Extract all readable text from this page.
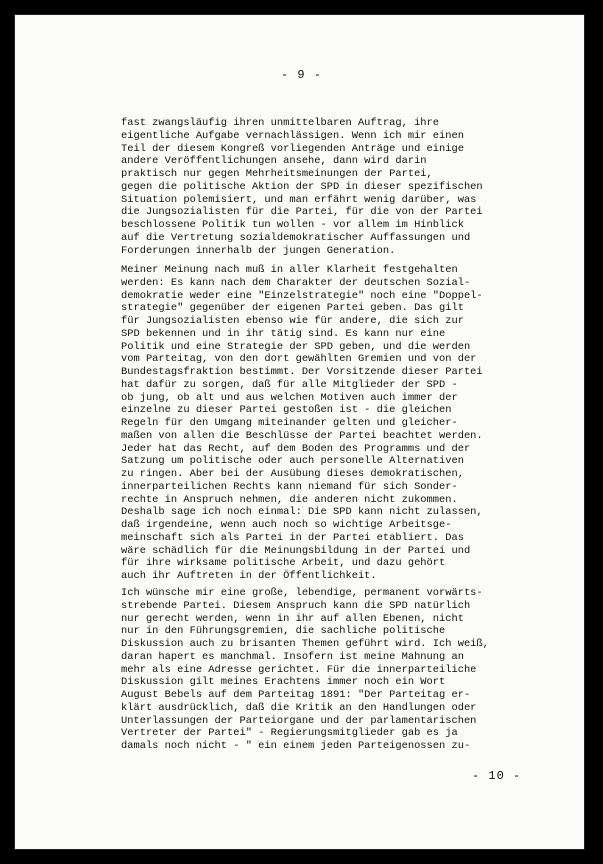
- 9 -
fast zwangsläufig ihren unmittelbaren Auftrag, ihre
eigentliche Aufgabe vernachlässigen. Wenn ich mir einen
Teil der diesem Kongreß vorliegenden Anträge und einige
andere Veröffentlichungen ansehe, dann wird darin
praktisch nur gegen Mehrheitsmeinungen der Partei,
gegen die politische Aktion der SPD in dieser spezifischen
Situation polemisiert, und man erfährt wenig darüber, was
die Jungsozialisten für die Partei, für die von der Partei
beschlossene Politik tun wollen - vor allem im Hinblick
auf die Vertretung sozialdemokratischer Auffassungen und
Forderungen innerhalb der jungen Generation.
Meiner Meinung nach muß in aller Klarheit festgehalten
werden: Es kann nach dem Charakter der deutschen Sozial-
demokratie weder eine "Einzelstrategie" noch eine "Doppel-
strategie" gegenüber der eigenen Partei geben. Das gilt
für Jungsozialisten ebenso wie für andere, die sich zur
SPD bekennen und in ihr tätig sind. Es kann nur eine
Politik und eine Strategie der SPD geben, und die werden
vom Parteitag, von den dort gewählten Gremien und von der
Bundestagsfraktion bestimmt. Der Vorsitzende dieser Partei
hat dafür zu sorgen, daß für alle Mitglieder der SPD -
ob jung, ob alt und aus welchen Motiven auch immer der
einzelne zu dieser Partei gestoßen ist - die gleichen
Regeln für den Umgang miteinander gelten und gleicher-
maßen von allen die Beschlüsse der Partei beachtet werden.
Jeder hat das Recht, auf dem Boden des Programms und der
Satzung um politische oder auch personelle Alternativen
zu ringen. Aber bei der Ausübung dieses demokratischen,
innerparteilichen Rechts kann niemand für sich Sonder-
rechte in Anspruch nehmen, die anderen nicht zukommen.
Deshalb sage ich noch einmal: Die SPD kann nicht zulassen,
daß irgendeine, wenn auch noch so wichtige Arbeitsge-
meinschaft sich als Partei in der Partei etabliert. Das
wäre schädlich für die Meinungsbildung in der Partei und
für ihre wirksame politische Arbeit, und dazu gehört
auch ihr Auftreten in der Öffentlichkeit.
Ich wünsche mir eine große, lebendige, permanent vorwärts-
strebende Partei. Diesem Anspruch kann die SPD natürlich
nur gerecht werden, wenn in ihr auf allen Ebenen, nicht
nur in den Führungsgremien, die sachliche politische
Diskussion auch zu brisanten Themen geführt wird. Ich weiß,
daran hapert es manchmal. Insofern ist meine Mahnung an
mehr als eine Adresse gerichtet. Für die innerparteiliche
Diskussion gilt meines Erachtens immer noch ein Wort
August Bebels auf dem Parteitag 1891: "Der Parteitag er-
klärt ausdrücklich, daß die Kritik an den Handlungen oder
Unterlassungen der Parteiorgane und der parlamentarischen
Vertreter der Partei" - Regierungsmitglieder gab es ja
damals noch nicht - " ein einem jeden Parteigenossen zu-
- 10 -
